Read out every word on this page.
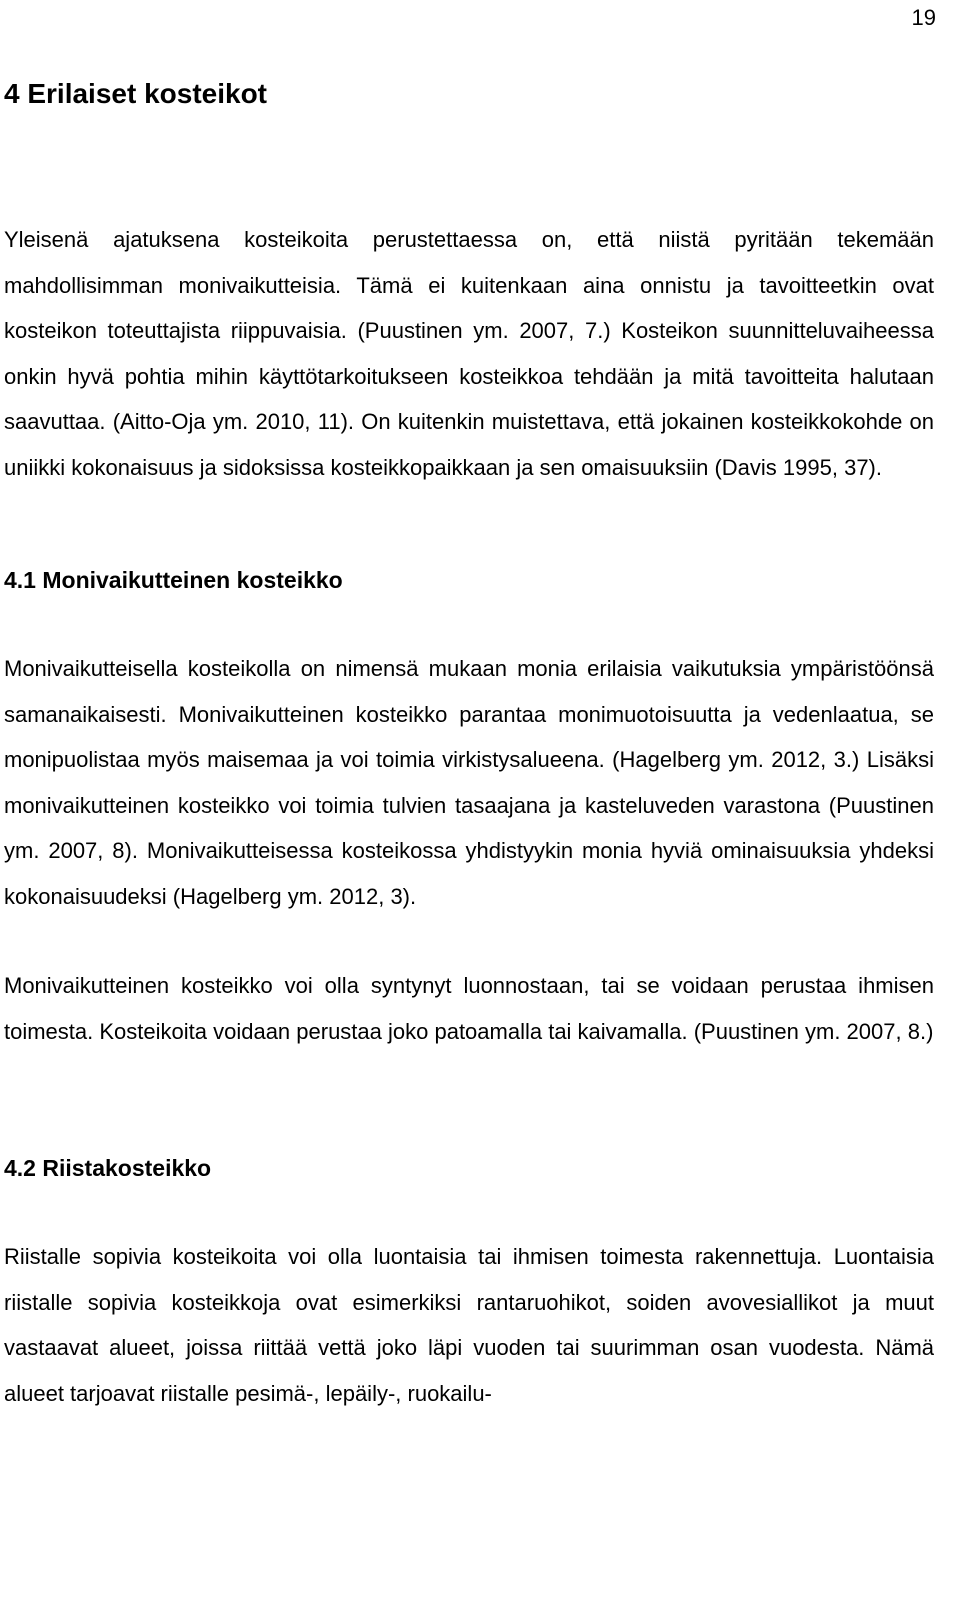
19
4 Erilaiset kosteikot

Yleisenä ajatuksena kosteikoita perustettaessa on, että niistä pyritään tekemään mahdollisimman monivaikutteisia. Tämä ei kuitenkaan aina onnistu ja tavoitteetkin ovat kosteikon toteuttajista riippuvaisia. (Puustinen ym. 2007, 7.) Kosteikon suunnitteluvaiheessa onkin hyvä pohtia mihin käyttötarkoitukseen kosteikkoa tehdään ja mitä tavoitteita halutaan saavuttaa. (Aitto-Oja ym. 2010, 11). On kuitenkin muistettava, että jokainen kosteikkokohde on uniikki kokonaisuus ja sidoksissa kosteikkopaikkaan ja sen omaisuuksiin (Davis 1995, 37).

4.1 Monivaikutteinen kosteikko

Monivaikutteisella kosteikolla on nimensä mukaan monia erilaisia vaikutuksia ympäristöönsä samanaikaisesti. Monivaikutteinen kosteikko parantaa monimuotoisuutta ja vedenlaatua, se monipuolistaa myös maisemaa ja voi toimia virkistysalueena. (Hagelberg ym. 2012, 3.) Lisäksi monivaikutteinen kosteikko voi toimia tulvien tasaajana ja kasteluveden varastona (Puustinen ym. 2007, 8). Monivaikutteisessa kosteikossa yhdistyykin monia hyviä ominaisuuksia yhdeksi kokonaisuudeksi (Hagelberg ym. 2012, 3).

Monivaikutteinen kosteikko voi olla syntynyt luonnostaan, tai se voidaan perustaa ihmisen toimesta. Kosteikoita voidaan perustaa joko patoamalla tai kaivamalla. (Puustinen ym. 2007, 8.)

4.2 Riistakosteikko

Riistalle sopivia kosteikoita voi olla luontaisia tai ihmisen toimesta rakennettuja. Luontaisia riistalle sopivia kosteikkoja ovat esimerkiksi rantaruohikot, soiden avovesiallikot ja muut vastaavat alueet, joissa riittää vettä joko läpi vuoden tai suurimman osan vuodesta. Nämä alueet tarjoavat riistalle pesimä-, lepäily-, ruokailu-
